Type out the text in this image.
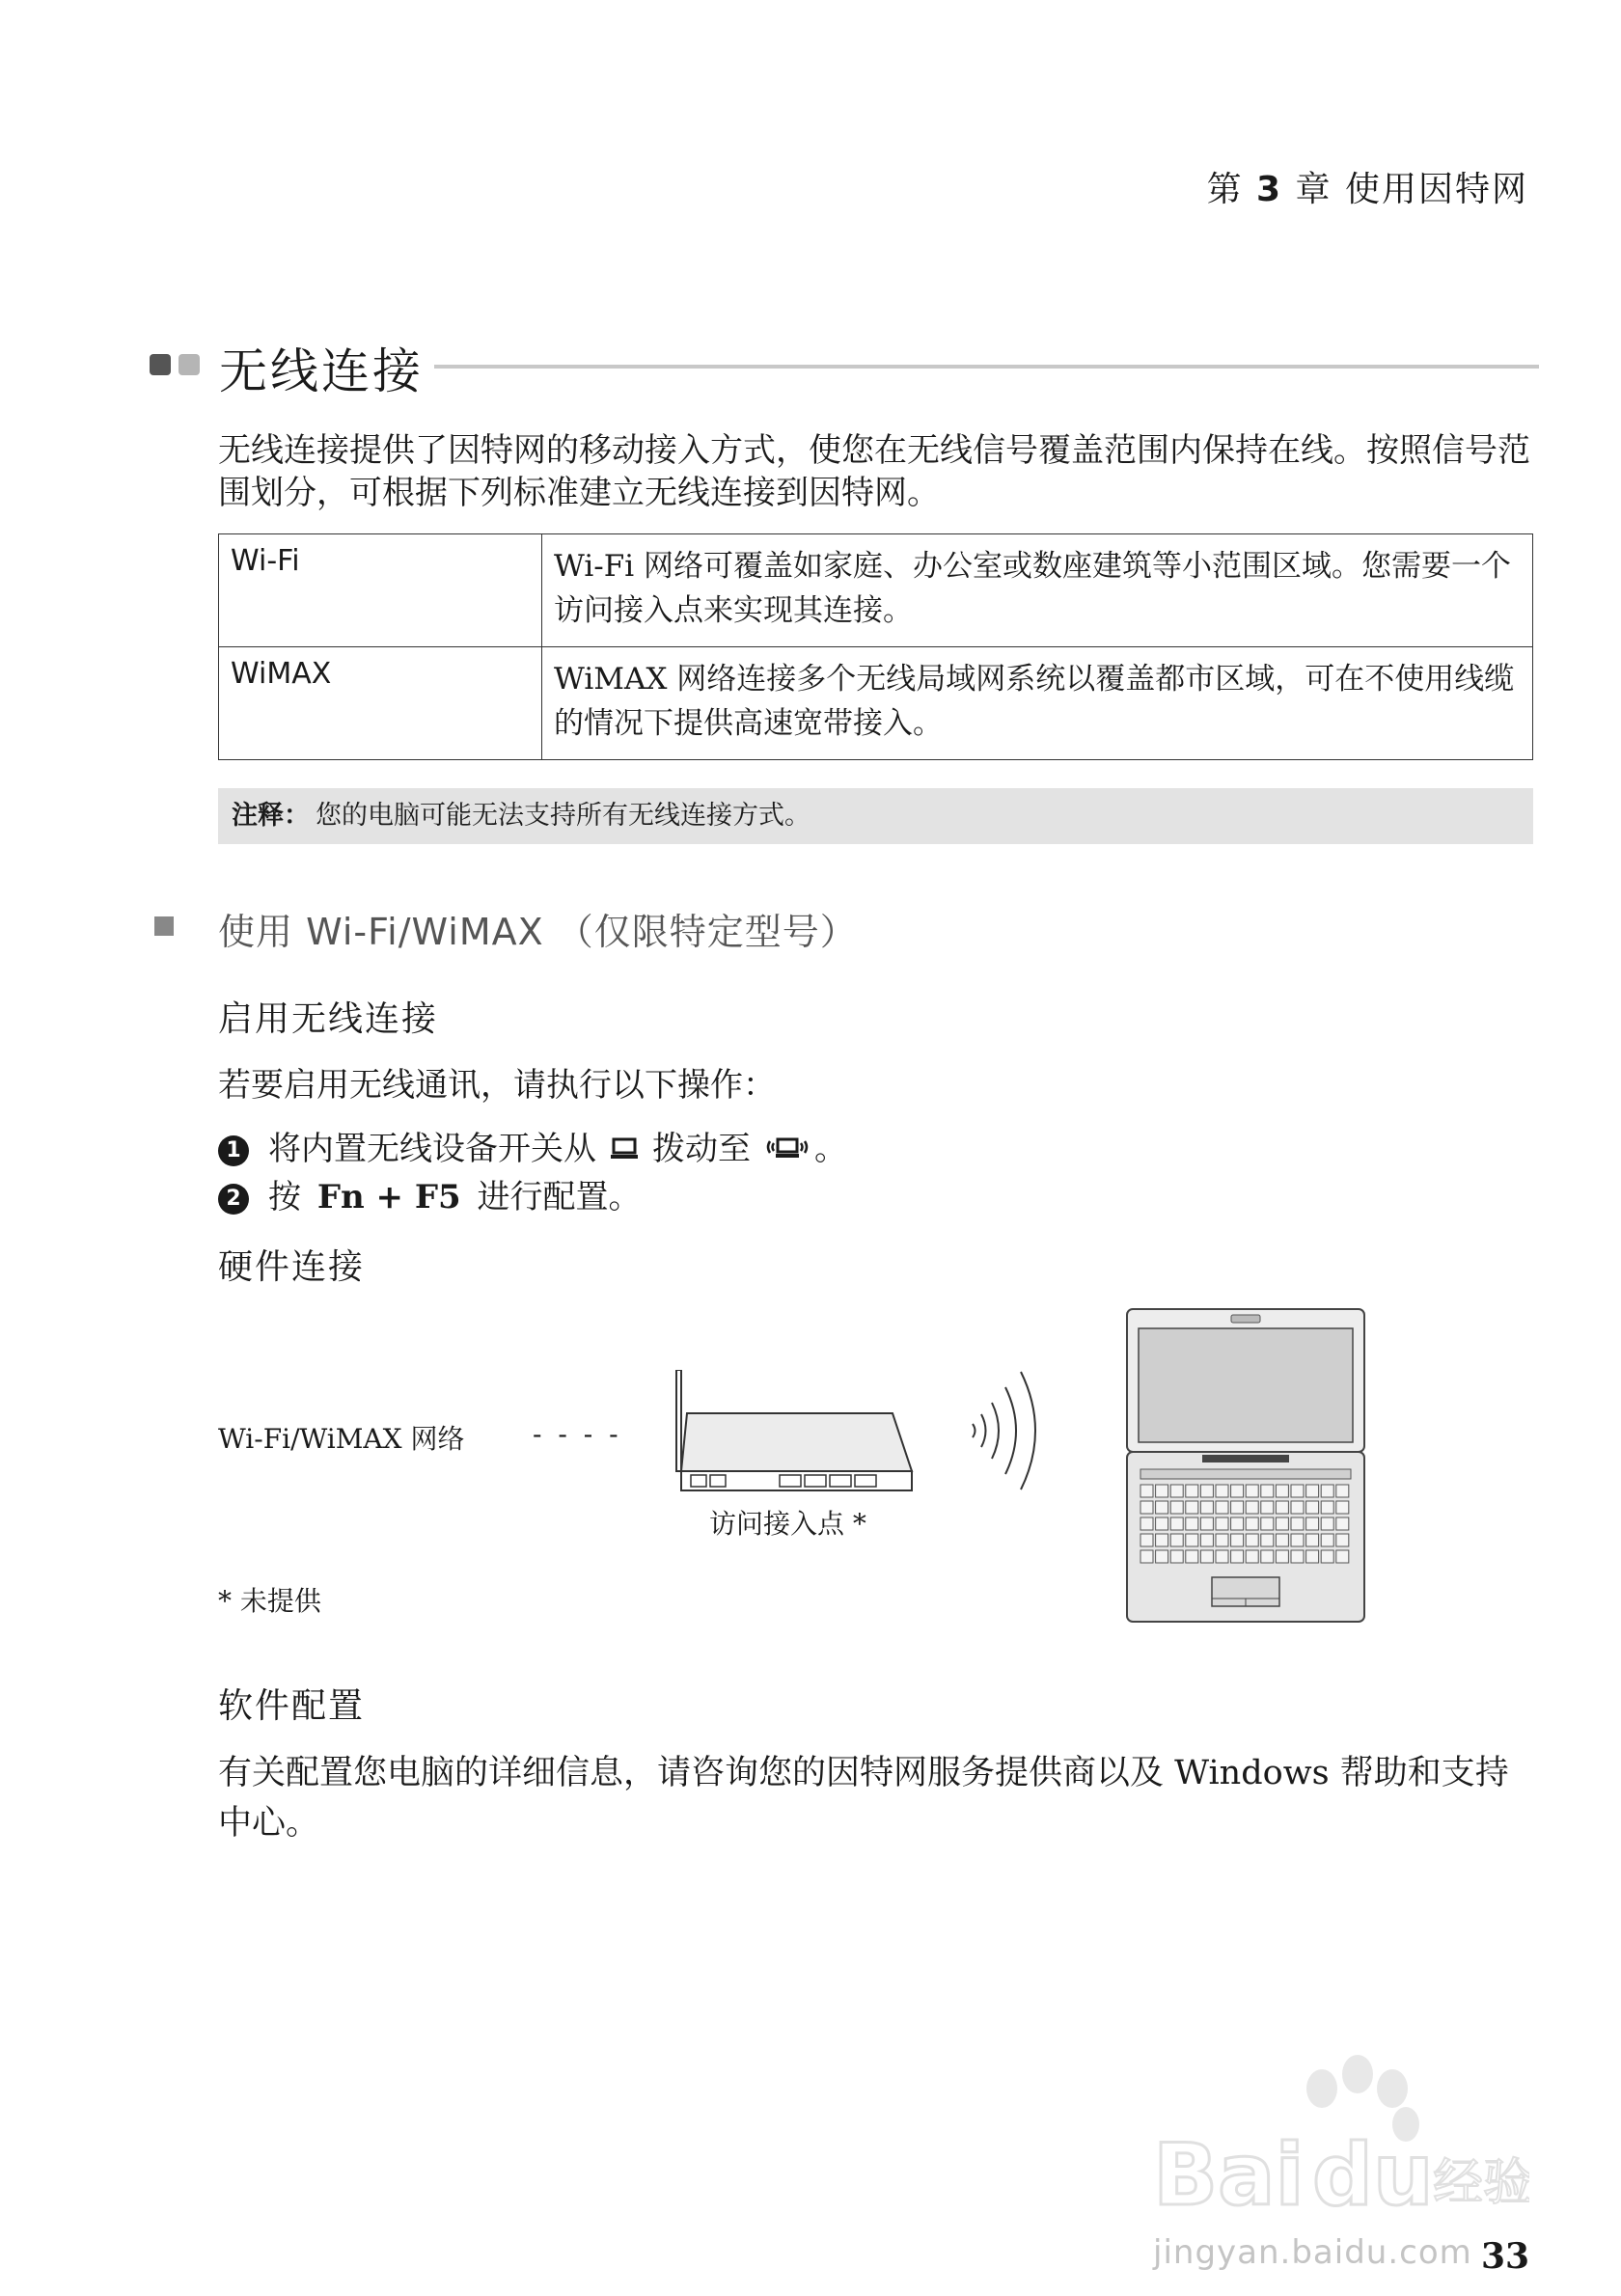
第 3 章 使用因特网
无线连接
无线连接提供了因特网的移动接入方式，使您在无线信号覆盖范围内保持在线。按照信号范围划分，可根据下列标准建立无线连接到因特网。
Wi-Fi	Wi-Fi 网络可覆盖如家庭、办公室或数座建筑等小范围区域。您需要一个访问接入点来实现其连接。
WiMAX	WiMAX 网络连接多个无线局域网系统以覆盖都市区域，可在不使用线缆的情况下提供高速宽带接入。
注释： 您的电脑可能无法支持所有无线连接方式。
使用 Wi-Fi/WiMAX （仅限特定型号）
启用无线连接
若要启用无线通讯，请执行以下操作：
1 将内置无线设备开关从 拨动至 。
2 按 Fn + F5 进行配置。
硬件连接
Wi-Fi/WiMAX 网络	- - - -
访问接入点 *
* 未提供
软件配置
有关配置您电脑的详细信息，请咨询您的因特网服务提供商以及 Windows 帮助和支持中心。
Bai du 经验
jingyan.baidu.com 33
